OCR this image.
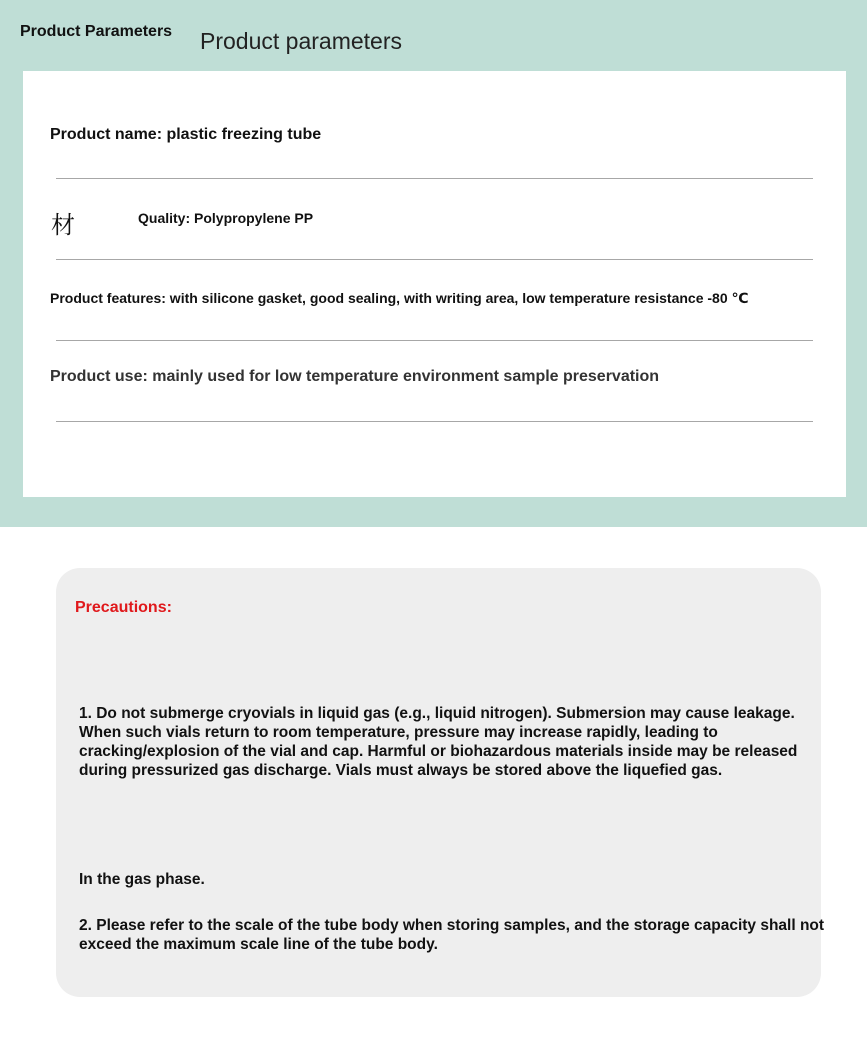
Product Parameters Product parameters
Product name: plastic freezing tube
材	Quality: Polypropylene PP
Product features: with silicone gasket, good sealing, with writing area, low temperature resistance -80 ℃
Product use: mainly used for low temperature environment sample preservation
Precautions:
1. Do not submerge cryovials in liquid gas (e.g., liquid nitrogen). Submersion may cause leakage. When such vials return to room temperature, pressure may increase rapidly, leading to cracking/explosion of the vial and cap. Harmful or biohazardous materials inside may be released during pressurized gas discharge. Vials must always be stored above the liquefied gas.
In the gas phase.
2. Please refer to the scale of the tube body when storing samples, and the storage capacity shall not exceed the maximum scale line of the tube body.
